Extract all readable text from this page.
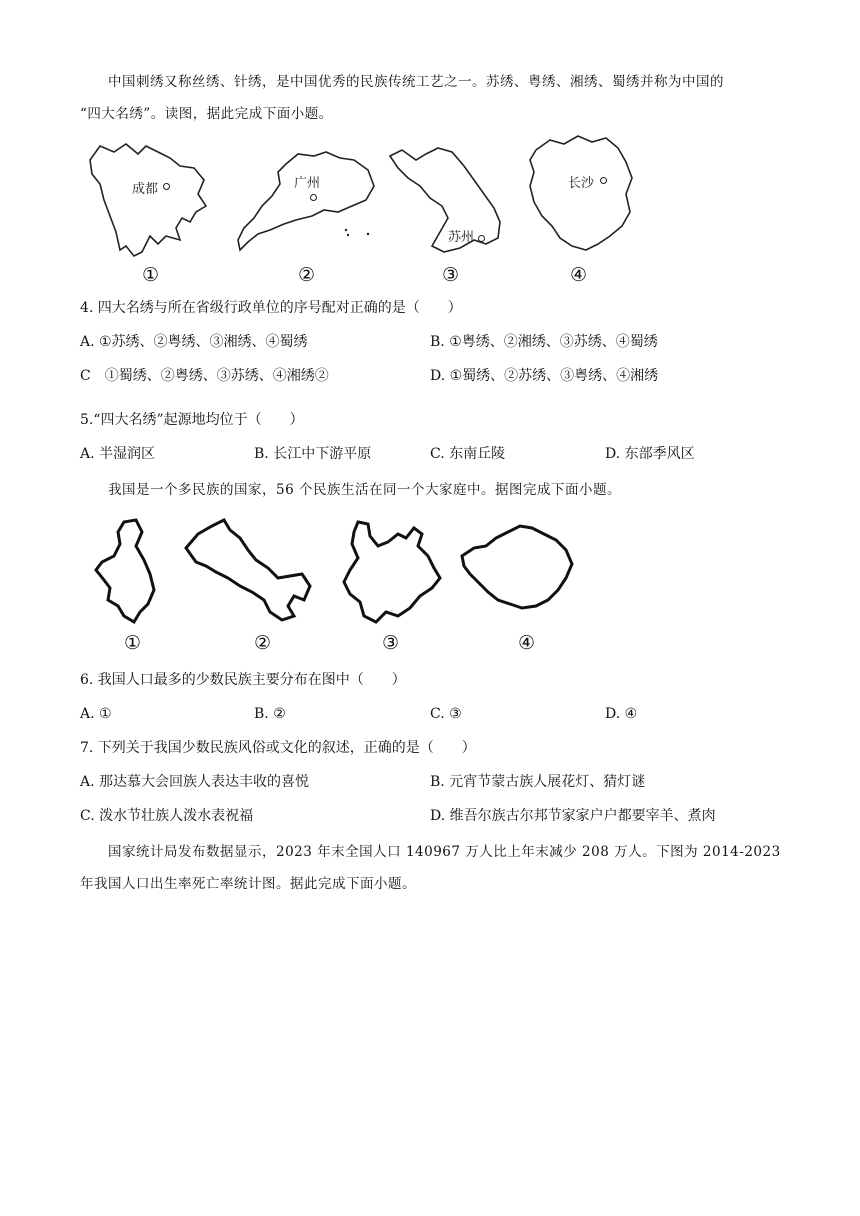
中国刺绣又称丝绣、针绣，是中国优秀的民族传统工艺之一。苏绣、粤绣、湘绣、蜀绣并称为中国的
“四大名绣”。读图，据此完成下面小题。
成都	广州
苏州
长沙
①	②	③	④
4. 四大名绣与所在省级行政单位的序号配对正确的是（　　）
A. ①苏绣、②粤绣、③湘绣、④蜀绣	B. ①粤绣、②湘绣、③苏绣、④蜀绣
C　①蜀绣、②粤绣、③苏绣、④湘绣②	D. ①蜀绣、②苏绣、③粤绣、④湘绣
5.“四大名绣”起源地均位于（　　）
A. 半湿润区	B. 长江中下游平原	C. 东南丘陵	D. 东部季风区
我国是一个多民族的国家，56 个民族生活在同一个大家庭中。据图完成下面小题。
①	②	③	④
6. 我国人口最多的少数民族主要分布在图中（　　）
A. ①	B. ②	C. ③	D. ④
7. 下列关于我国少数民族风俗或文化的叙述，正确的是（　　）
A. 那达慕大会回族人表达丰收的喜悦	B. 元宵节蒙古族人展花灯、猜灯谜
C. 泼水节壮族人泼水表祝福	D. 维吾尔族古尔邦节家家户户都要宰羊、煮肉
国家统计局发布数据显示，2023 年末全国人口 140967 万人比上年末减少 208 万人。下图为 2014-2023
年我国人口出生率死亡率统计图。据此完成下面小题。
